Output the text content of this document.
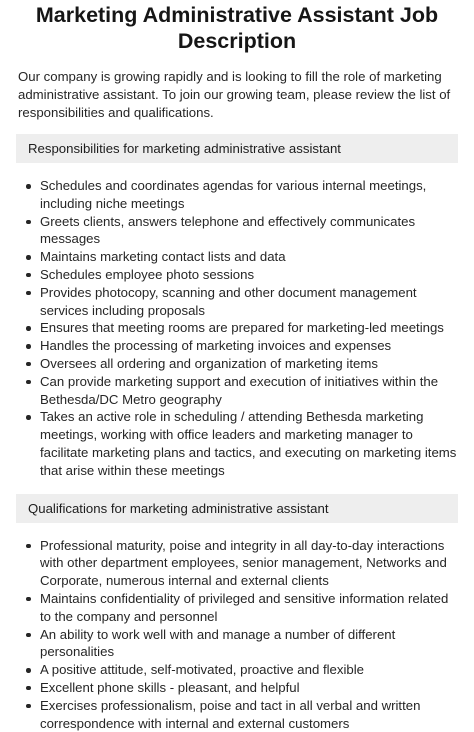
Marketing Administrative Assistant Job Description

Our company is growing rapidly and is looking to fill the role of marketing administrative assistant. To join our growing team, please review the list of responsibilities and qualifications.

Responsibilities for marketing administrative assistant
Schedules and coordinates agendas for various internal meetings, including niche meetings
Greets clients, answers telephone and effectively communicates messages
Maintains marketing contact lists and data
Schedules employee photo sessions
Provides photocopy, scanning and other document management services including proposals
Ensures that meeting rooms are prepared for marketing-led meetings
Handles the processing of marketing invoices and expenses
Oversees all ordering and organization of marketing items
Can provide marketing support and execution of initiatives within the Bethesda/DC Metro geography
Takes an active role in scheduling / attending Bethesda marketing meetings, working with office leaders and marketing manager to facilitate marketing plans and tactics, and executing on marketing items that arise within these meetings
Qualifications for marketing administrative assistant
Professional maturity, poise and integrity in all day-to-day interactions with other department employees, senior management, Networks and Corporate, numerous internal and external clients
Maintains confidentiality of privileged and sensitive information related to the company and personnel
An ability to work well with and manage a number of different personalities
A positive attitude, self-motivated, proactive and flexible
Excellent phone skills - pleasant, and helpful
Exercises professionalism, poise and tact in all verbal and written correspondence with internal and external customers
